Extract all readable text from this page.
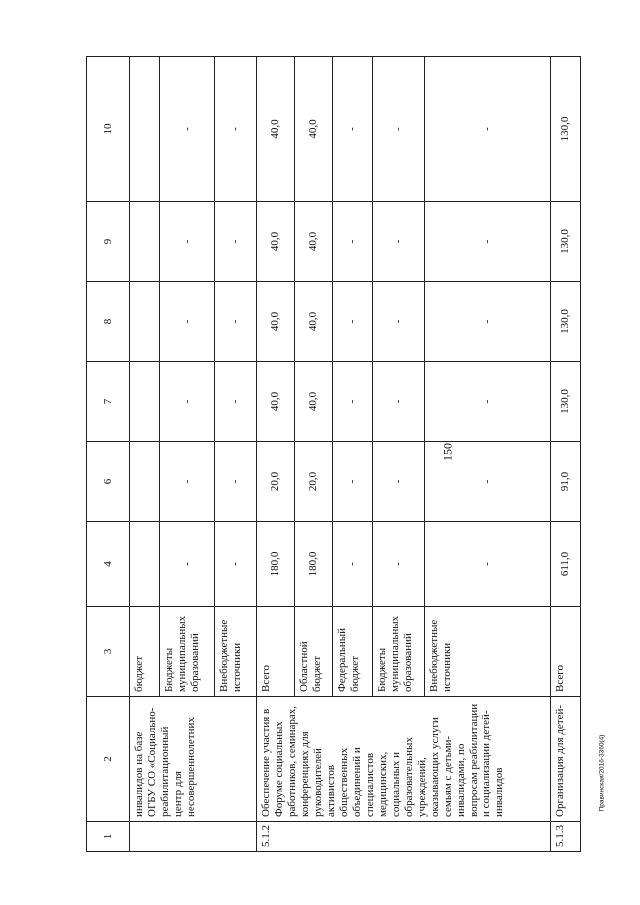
150
Правинская/2016-3360(4)
1	2	3	4	6	7	8	9	10
	инвалидов на базе ОГБУ СО «Социально-реабилитационный центр для несовершеннолетних	бюджет						
		Бюджеты муниципальных образований	-	-	-	-	-	-
		Внебюджетные источники	-	-	-	-	-	-
5.1.2	Обеспечение участия в Форуме социальных работников, семинарах, конференциях для руководителей активистов общественных объединений и специалистов медицинских, социальных и образовательных учреждений, оказывающих услуги семьям с детьми-инвалидами, по вопросам реабилитации и социализации детей-инвалидов	Всего	180,0	20,0	40,0	40,0	40,0	40,0
		Областной бюджет	180,0	20,0	40,0	40,0	40,0	40,0
		Федеральный бюджет	-	-	-	-	-	-
		Бюджеты муниципальных образований	-	-	-	-	-	-
		Внебюджетные источники	-	-	-	-	-	-
5.1.3	Организация для детей-	Всего	611,0	91,0	130,0	130,0	130,0	130,0
